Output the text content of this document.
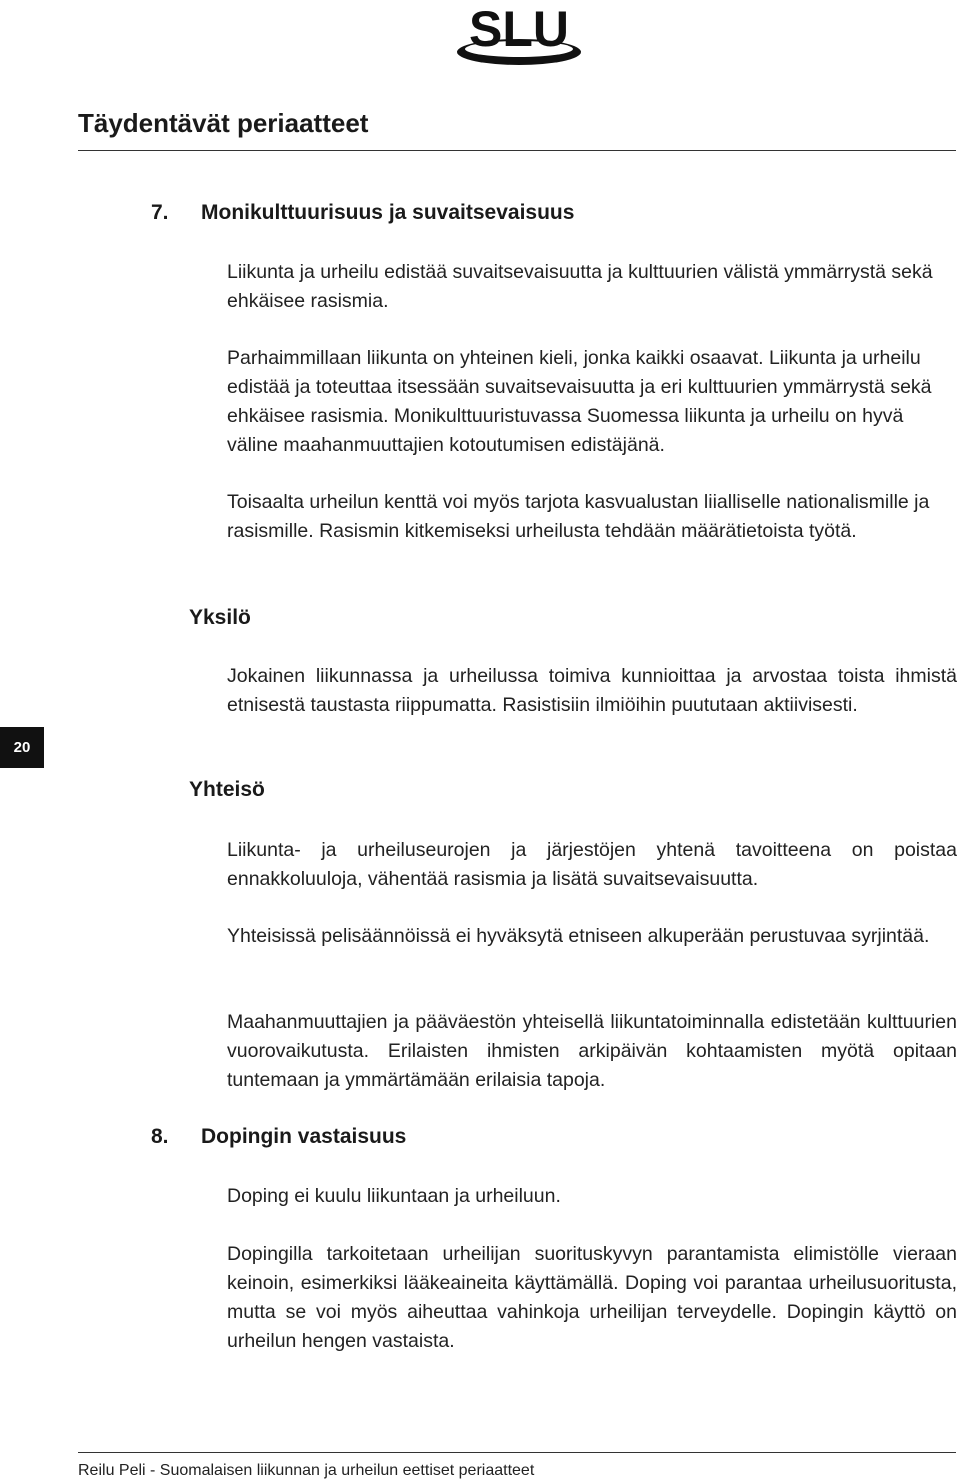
SLU
Täydentävät periaatteet
7. Monikulttuurisuus ja suvaitsevaisuus

Liikunta ja urheilu edistää suvaitsevaisuutta ja kulttuurien välistä ymmärrystä sekä ehkäisee rasismia.

Parhaimmillaan liikunta on yhteinen kieli, jonka kaikki osaavat. Liikunta ja urheilu edistää ja toteuttaa itsessään suvaitsevaisuutta ja eri kulttuurien ymmärrystä sekä ehkäisee rasismia. Monikulttuuristuvassa Suomessa liikunta ja urheilu on hyvä väline maahanmuuttajien kotoutumisen edistäjänä.

Toisaalta urheilun kenttä voi myös tarjota kasvualustan liialliselle nationalismille ja rasismille. Rasismin kitkemiseksi urheilusta tehdään määrätietoista työtä.

Yksilö

Jokainen liikunnassa ja urheilussa toimiva kunnioittaa ja arvostaa toista ihmistä etnisestä taustasta riippumatta. Rasistisiin ilmiöihin puututaan aktiivisesti.

20
Yhteisö

Liikunta- ja urheiluseurojen ja järjestöjen yhtenä tavoitteena on poistaa ennakkoluuloja, vähentää rasismia ja lisätä suvaitsevaisuutta.

Yhteisissä pelisäännöissä ei hyväksytä etniseen alkuperään perustuvaa syrjintää.

Maahanmuuttajien ja pääväestön yhteisellä liikuntatoiminnalla edistetään kulttuurien vuorovaikutusta. Erilaisten ihmisten arkipäivän kohtaamisten myötä opitaan tuntemaan ja ymmärtämään erilaisia tapoja.

8. Dopingin vastaisuus

Doping ei kuulu liikuntaan ja urheiluun.

Dopingilla tarkoitetaan urheilijan suorituskyvyn parantamista elimistölle vieraan keinoin, esimerkiksi lääkeaineita käyttämällä. Doping voi parantaa urheilusuoritusta, mutta se voi myös aiheuttaa vahinkoja urheilijan terveydelle. Dopingin käyttö on urheilun hengen vastaista.

Reilu Peli - Suomalaisen liikunnan ja urheilun eettiset periaatteet
